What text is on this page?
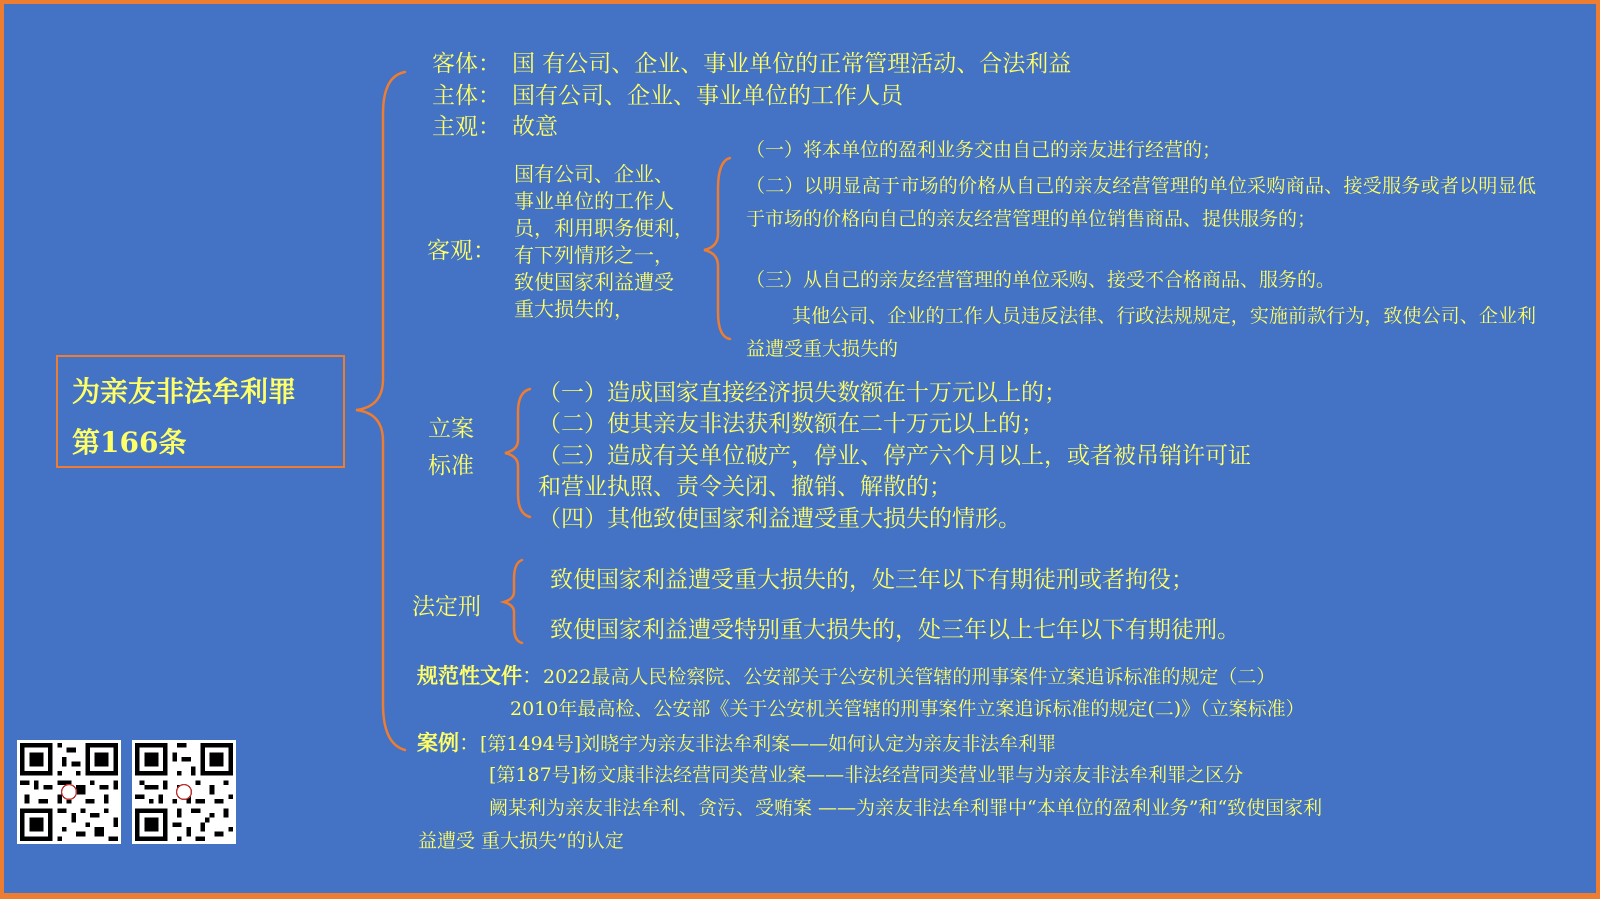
为亲友非法牟利罪
第166条
客体： 国 有公司、企业、事业单位的正常管理活动、合法利益
主体： 国有公司、企业、事业单位的工作人员
主观： 故意
客观：
国有公司、企业、
事业单位的工作人
员，利用职务便利，
有下列情形之一，
致使国家利益遭受
重大损失的，
（一）将本单位的盈利业务交由自己的亲友进行经营的；
（二）以明显高于市场的价格从自己的亲友经营管理的单位采购商品、接受服务或者以明显低于市场的价格向自己的亲友经营管理的单位销售商品、提供服务的；
（三）从自己的亲友经营管理的单位采购、接受不合格商品、服务的。
其他公司、企业的工作人员违反法律、行政法规规定，实施前款行为，致使公司、企业利益遭受重大损失的
立案
标准
（一）造成国家直接经济损失数额在十万元以上的；
（二）使其亲友非法获利数额在二十万元以上的；
（三）造成有关单位破产，停业、停产六个月以上，或者被吊销许可证
和营业执照、责令关闭、撤销、解散的；
（四）其他致使国家利益遭受重大损失的情形。
法定刑
致使国家利益遭受重大损失的，处三年以下有期徒刑或者拘役；
致使国家利益遭受特别重大损失的，处三年以上七年以下有期徒刑。
规范性文件：2022最高人民检察院、公安部关于公安机关管辖的刑事案件立案追诉标准的规定（二）
2010年最高检、公安部《关于公安机关管辖的刑事案件立案追诉标准的规定(二)》（立案标准）
案例：[第1494号]刘晓宇为亲友非法牟利案——如何认定为亲友非法牟利罪
[第187号]杨文康非法经营同类营业案——非法经营同类营业罪与为亲友非法牟利罪之区分
阙某利为亲友非法牟利、贪污、受贿案 ——为亲友非法牟利罪中“本单位的盈利业务”和“致使国家利
益遭受 重大损失”的认定
